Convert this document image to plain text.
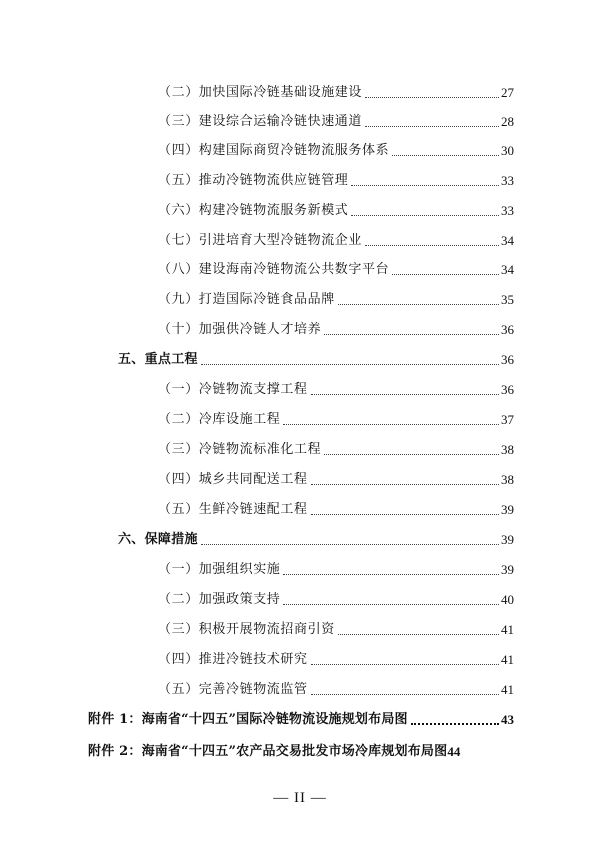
（二）加快国际冷链基础设施建设	27
（三）建设综合运输冷链快速通道	28
（四）构建国际商贸冷链物流服务体系	30
（五）推动冷链物流供应链管理	33
（六）构建冷链物流服务新模式	33
（七）引进培育大型冷链物流企业	34
（八）建设海南冷链物流公共数字平台	34
（九）打造国际冷链食品品牌	35
（十）加强供冷链人才培养	36
五、重点工程	36
（一）冷链物流支撑工程	36
（二）冷库设施工程	37
（三）冷链物流标准化工程	38
（四）城乡共同配送工程	38
（五）生鲜冷链速配工程	39
六、保障措施	39
（一）加强组织实施	39
（二）加强政策支持	40
（三）积极开展物流招商引资	41
（四）推进冷链技术研究	41
（五）完善冷链物流监管	41
附件 1：海南省“十四五”国际冷链物流设施规划布局图	43
附件 2：海南省“十四五”农产品交易批发市场冷库规划布局图 44
— II —
